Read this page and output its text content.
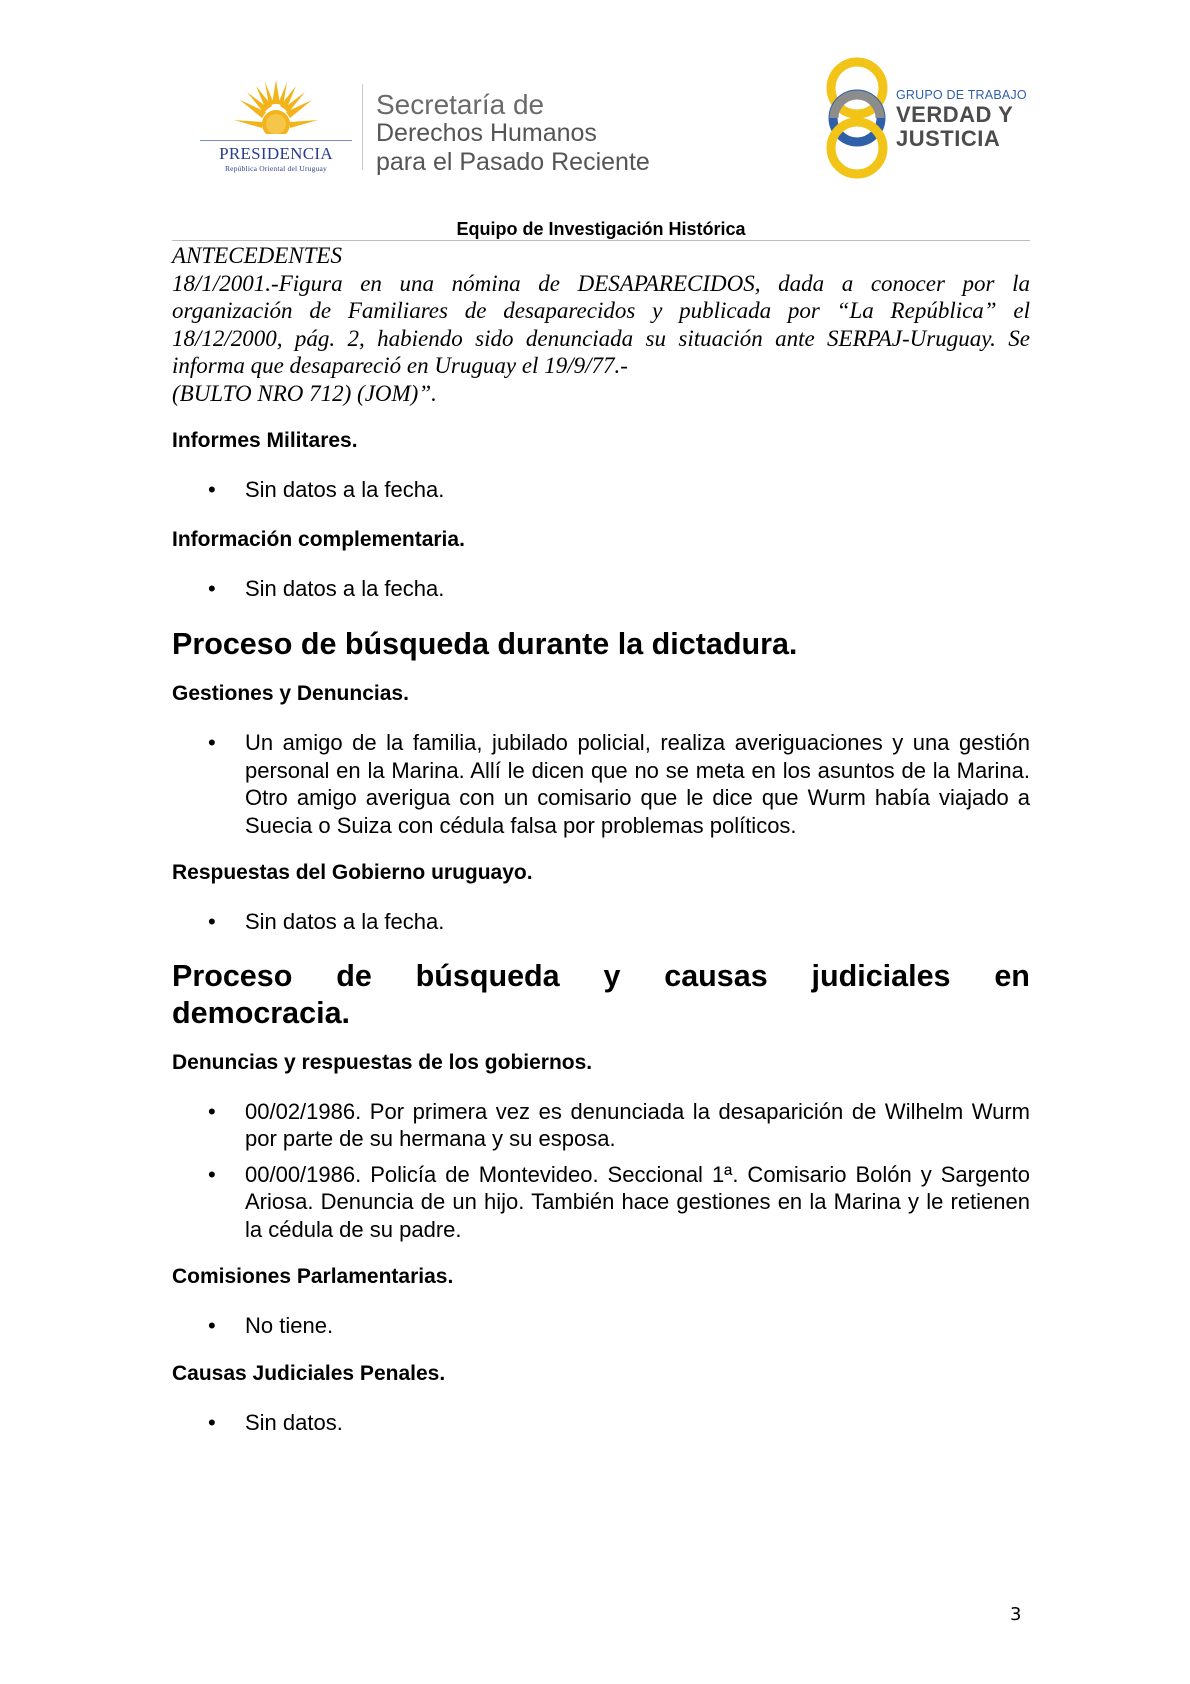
PRESIDENCIA
República Oriental del Uruguay
Secretaría de
Derechos Humanos
para el Pasado Reciente
GRUPO DE TRABAJO
VERDAD Y
JUSTICIA
Equipo de Investigación Histórica

ANTECEDENTES

18/1/2001.-Figura en una nómina de DESAPARECIDOS, dada a conocer por la organización de Familiares de desaparecidos y publicada por “La República” el 18/12/2000, pág. 2, habiendo sido denunciada su situación ante SERPAJ-Uruguay. Se informa que desapareció en Uruguay el 19/9/77.-

(BULTO NRO 712) (JOM)”.

Informes Militares.

• Sin datos a la fecha.

Información complementaria.

• Sin datos a la fecha.

Proceso de búsqueda durante la dictadura.

Gestiones y Denuncias.

• Un amigo de la familia, jubilado policial, realiza averiguaciones y una gestión personal en la Marina. Allí le dicen que no se meta en los asuntos de la Marina. Otro amigo averigua con un comisario que le dice que Wurm había viajado a Suecia o Suiza con cédula falsa por problemas políticos.

Respuestas del Gobierno uruguayo.

• Sin datos a la fecha.
Proceso de búsqueda y causas judiciales en
democracia.

Denuncias y respuestas de los gobiernos.

• 00/02/1986. Por primera vez es denunciada la desaparición de Wilhelm Wurm por parte de su hermana y su esposa.
• 00/00/1986. Policía de Montevideo. Seccional 1ª. Comisario Bolón y Sargento Ariosa. Denuncia de un hijo. También hace gestiones en la Marina y le retienen la cédula de su padre.

Comisiones Parlamentarias.

• No tiene.

Causas Judiciales Penales.

• Sin datos.
3
